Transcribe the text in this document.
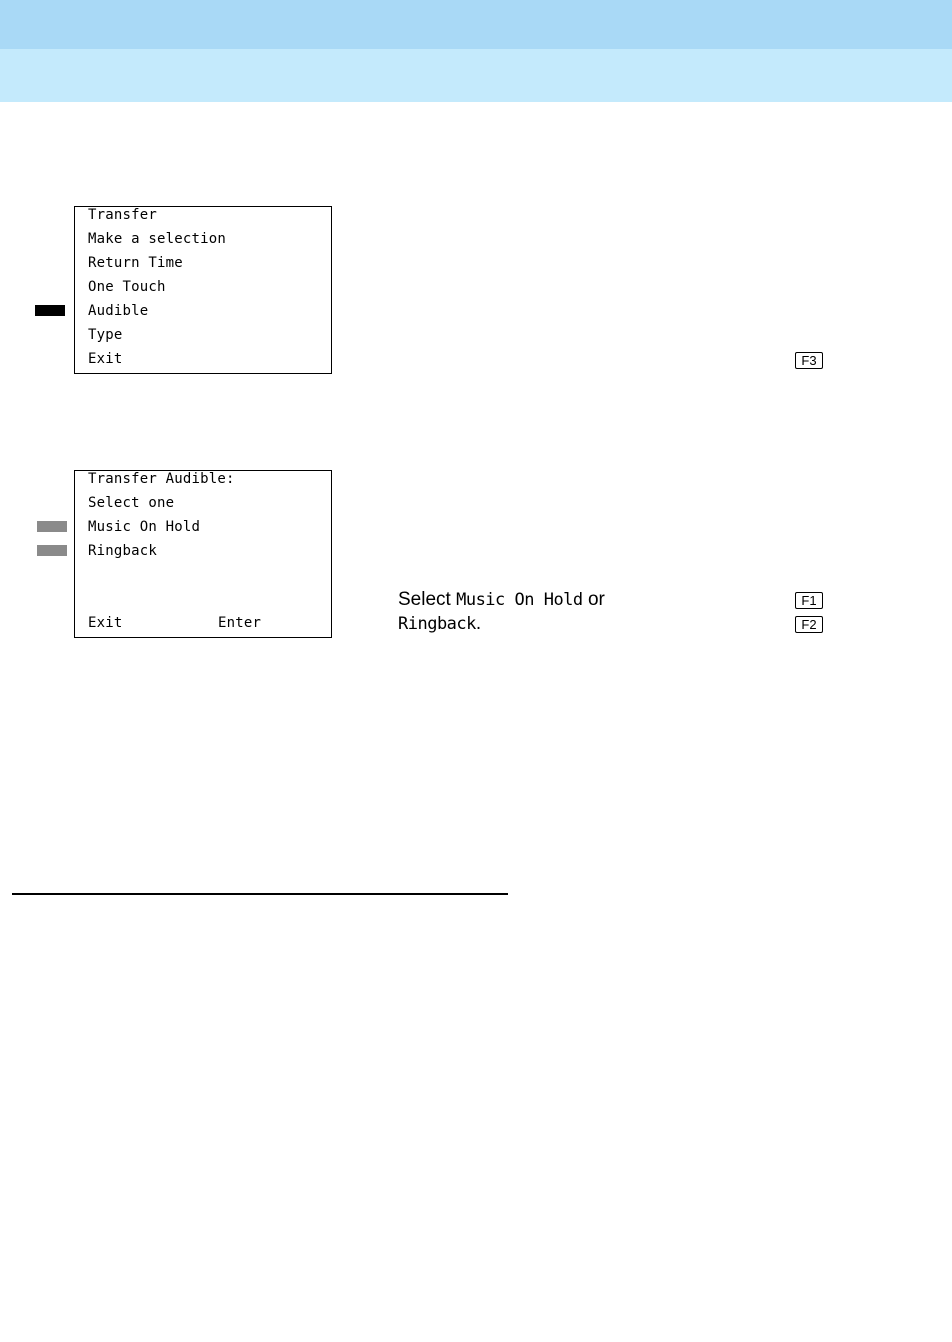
Transfer
Make a selection
Return Time
One Touch
Audible
Type
Exit	F3
Transfer Audible:
Select one
Music On Hold
Ringback
Exit	Enter
Select Music On Hold or
Ringback.
F1
F2
